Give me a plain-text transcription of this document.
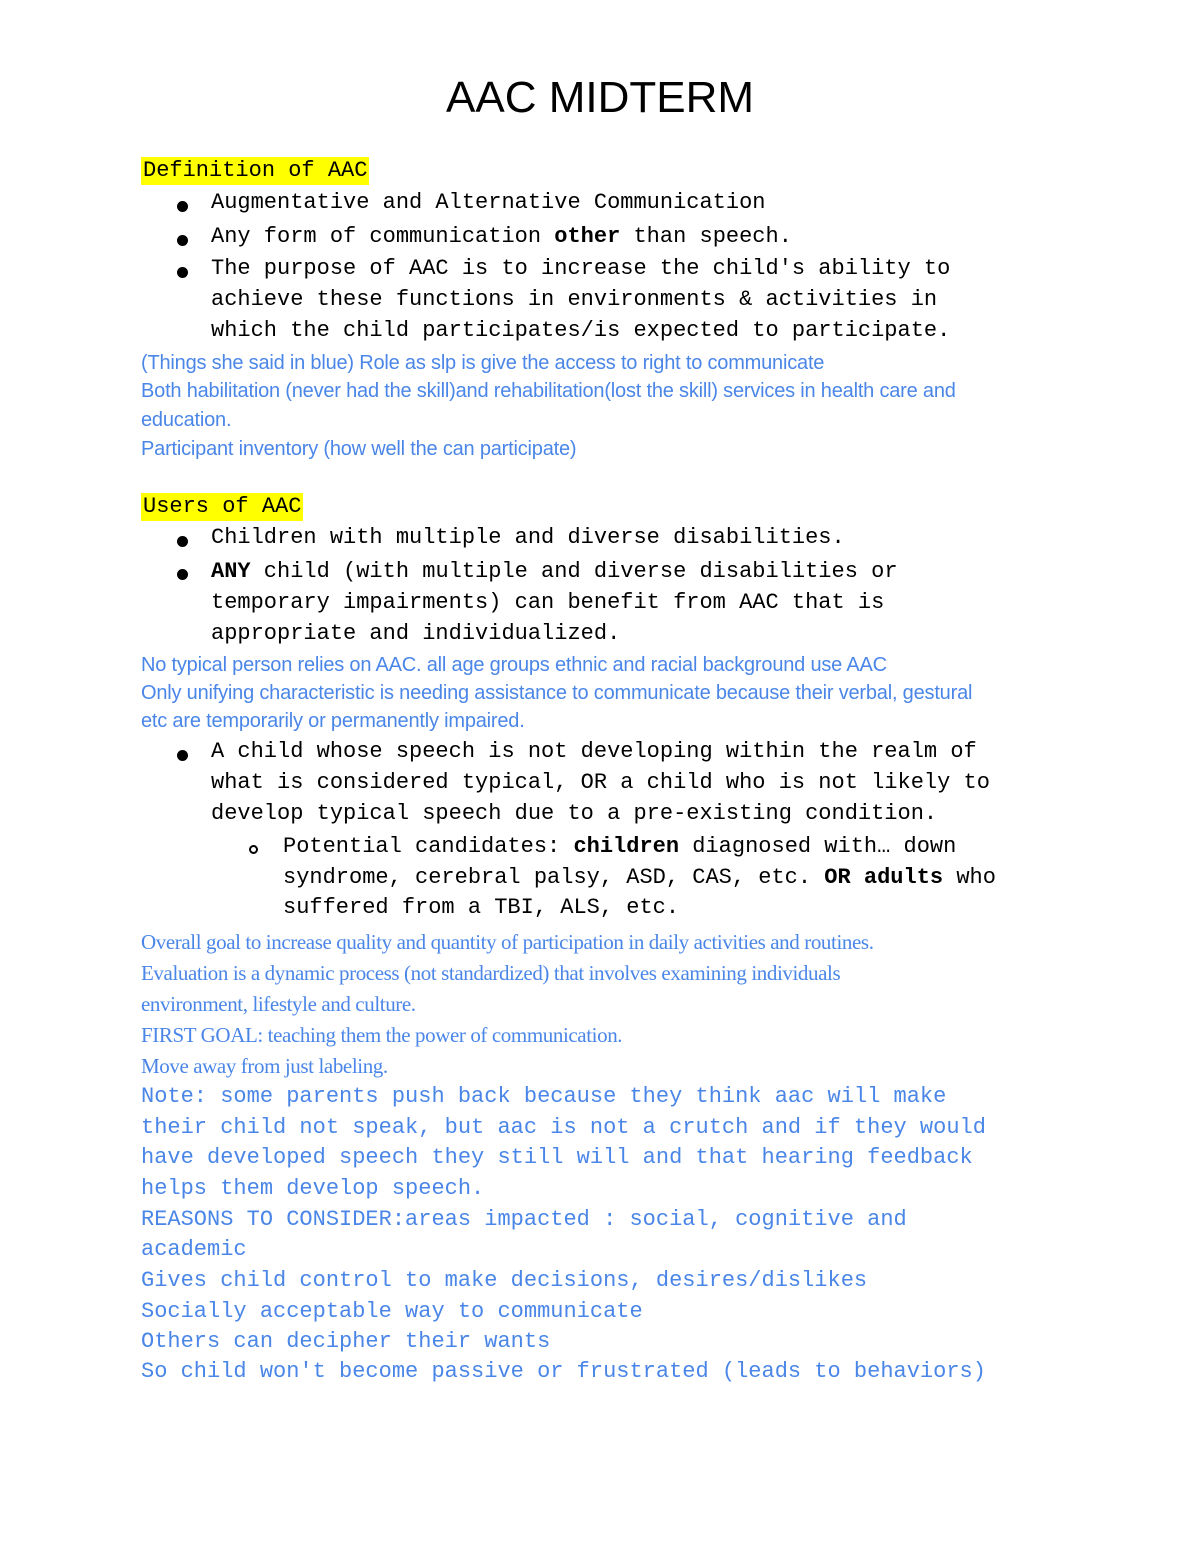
AAC MIDTERM
Definition of AAC
Augmentative and Alternative Communication
Any form of communication other than speech.
The purpose of AAC is to increase the child's ability to
achieve these functions in environments & activities in
which the child participates/is expected to participate.
(Things she said in blue) Role as slp is give the access to right to communicate
Both habilitation (never had the skill)and rehabilitation(lost the skill) services in health care and
education.
Participant inventory (how well the can participate)
Users of AAC
Children with multiple and diverse disabilities.
ANY child (with multiple and diverse disabilities or
temporary impairments) can benefit from AAC that is
appropriate and individualized.
No typical person relies on AAC. all age groups ethnic and racial background use AAC
Only unifying characteristic is needing assistance to communicate because their verbal, gestural
etc are temporarily or permanently impaired.
A child whose speech is not developing within the realm of
what is considered typical, OR a child who is not likely to
develop typical speech due to a pre-existing condition.
Potential candidates: children diagnosed with… down
syndrome, cerebral palsy, ASD, CAS, etc. OR adults who
suffered from a TBI, ALS, etc.
Overall goal to increase quality and quantity of participation in daily activities and routines.
Evaluation is a dynamic process (not standardized) that involves examining individuals
environment, lifestyle and culture.
FIRST GOAL: teaching them the power of communication.
Move away from just labeling.
Note: some parents push back because they think aac will make
their child not speak, but aac is not a crutch and if they would
have developed speech they still will and that hearing feedback
helps them develop speech.
REASONS TO CONSIDER:areas impacted : social, cognitive and
academic
Gives child control to make decisions, desires/dislikes
Socially acceptable way to communicate
Others can decipher their wants
So child won't become passive or frustrated (leads to behaviors)
